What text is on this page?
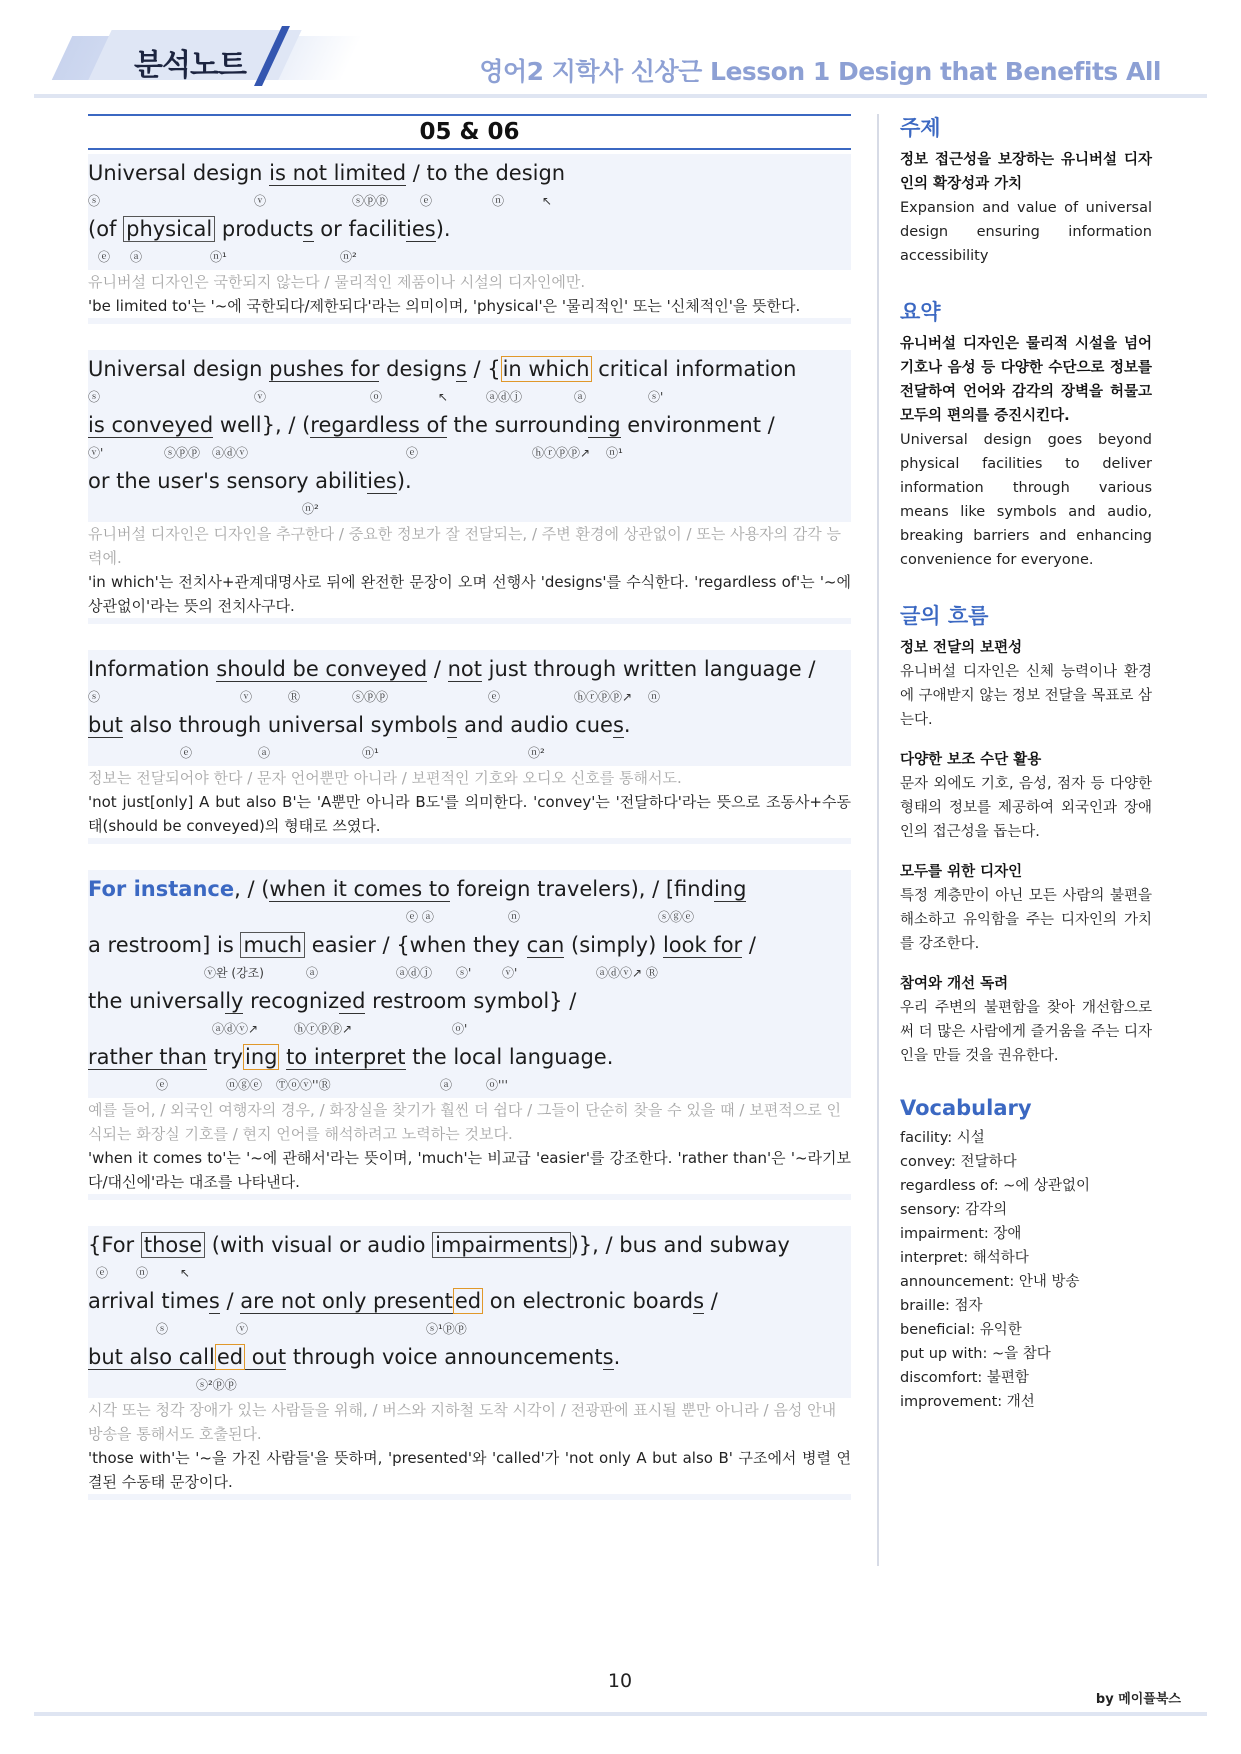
분석노트	영어2 지학사 신상근 Lesson 1 Design that Benefits All
05 & 06
Universal design is not limited / to the design
ⓢ	ⓥ	ⓢⓟⓟ	ⓔ	ⓝ	↖
(of physical products or facilities).
ⓔ ⓐ	ⓝ¹	ⓝ²
유니버설 디자인은 국한되지 않는다 / 물리적인 제품이나 시설의 디자인에만.
'be limited to'는 '~에 국한되다/제한되다'라는 의미이며, 'physical'은 '물리적인' 또는 '신체적인'을 뜻한다.
Universal design pushes for designs / {in which critical information
ⓢ	ⓥ	ⓞ	↖	ⓐⓓⓙ	ⓐ	ⓢ'
is conveyed well}, / (regardless of the surrounding environment /
ⓥ'	ⓢⓟⓟ ⓐⓓⓥ	ⓔ	ⓗⓡⓟⓟ↗ ⓝ¹
or the user's sensory abilities).
ⓝ²
유니버설 디자인은 디자인을 추구한다 / 중요한 정보가 잘 전달되는, / 주변 환경에 상관없이 / 또는 사용자의 감각 능력에.
'in which'는 전치사+관계대명사로 뒤에 완전한 문장이 오며 선행사 'designs'를 수식한다. 'regardless of'는 '~에 상관없이'라는 뜻의 전치사구다.
Information should be conveyed / not just through written language /
ⓢ	ⓥ	Ⓡ	ⓢⓟⓟ	ⓔ	ⓗⓡⓟⓟ↗ ⓝ
but also through universal symbols and audio cues.
ⓔ	ⓐ	ⓝ¹	ⓝ²
정보는 전달되어야 한다 / 문자 언어뿐만 아니라 / 보편적인 기호와 오디오 신호를 통해서도.
'not just[only] A but also B'는 'A뿐만 아니라 B도'를 의미한다. 'convey'는 '전달하다'라는 뜻으로 조동사+수동태(should be conveyed)의 형태로 쓰였다.
For instance, / (when it comes to foreign travelers), / [finding
ⓔ ⓐ	ⓝ	ⓢⓖⓔ
a restroom] is much easier / {when they can (simply) look for /
ⓥ완 (강조)	ⓐ	ⓐⓓⓙ ⓢ'	ⓥ'	ⓐⓓⓥ↗ Ⓡ
the universally recognized restroom symbol} /
ⓐⓓⓥ↗	ⓗⓡⓟⓟ↗	ⓞ'
rather than trying to interpret the local language.
ⓔ	ⓝⓖⓔ Ⓣⓞⓥ''Ⓡ	ⓐ	ⓞ'''
예를 들어, / 외국인 여행자의 경우, / 화장실을 찾기가 훨씬 더 쉽다 / 그들이 단순히 찾을 수 있을 때 / 보편적으로 인식되는 화장실 기호를 / 현지 언어를 해석하려고 노력하는 것보다.
'when it comes to'는 '~에 관해서'라는 뜻이며, 'much'는 비교급 'easier'를 강조한다. 'rather than'은 '~라기보다/대신에'라는 대조를 나타낸다.
{For those (with visual or audio impairments )}, / bus and subway
ⓔ ⓝ	↖
arrival times / are not only presented on electronic boards /
ⓢ	ⓥ	ⓢ¹ⓟⓟ
but also called out through voice announcements.
ⓢ²ⓟⓟ
시각 또는 청각 장애가 있는 사람들을 위해, / 버스와 지하철 도착 시각이 / 전광판에 표시될 뿐만 아니라 / 음성 안내 방송을 통해서도 호출된다.
'those with'는 '~을 가진 사람들'을 뜻하며, 'presented'와 'called'가 'not only A but also B' 구조에서 병렬 연결된 수동태 문장이다.
주제
정보 접근성을 보장하는 유니버설 디자인의 확장성과 가치
Expansion and value of universal design ensuring information accessibility
요약
유니버설 디자인은 물리적 시설을 넘어 기호나 음성 등 다양한 수단으로 정보를 전달하여 언어와 감각의 장벽을 허물고 모두의 편의를 증진시킨다.
Universal design goes beyond physical facilities to deliver information through various means like symbols and audio, breaking barriers and enhancing convenience for everyone.
글의 흐름
정보 전달의 보편성
유니버설 디자인은 신체 능력이나 환경에 구애받지 않는 정보 전달을 목표로 삼는다.
다양한 보조 수단 활용
문자 외에도 기호, 음성, 점자 등 다양한 형태의 정보를 제공하여 외국인과 장애인의 접근성을 돕는다.
모두를 위한 디자인
특정 계층만이 아닌 모든 사람의 불편을 해소하고 유익함을 주는 디자인의 가치를 강조한다.
참여와 개선 독려
우리 주변의 불편함을 찾아 개선함으로써 더 많은 사람에게 즐거움을 주는 디자인을 만들 것을 권유한다.
Vocabulary
facility: 시설
convey: 전달하다
regardless of: ~에 상관없이
sensory: 감각의
impairment: 장애
interpret: 해석하다
announcement: 안내 방송
braille: 점자
beneficial: 유익한
put up with: ~을 참다
discomfort: 불편함
improvement: 개선
10
by 메이플북스
